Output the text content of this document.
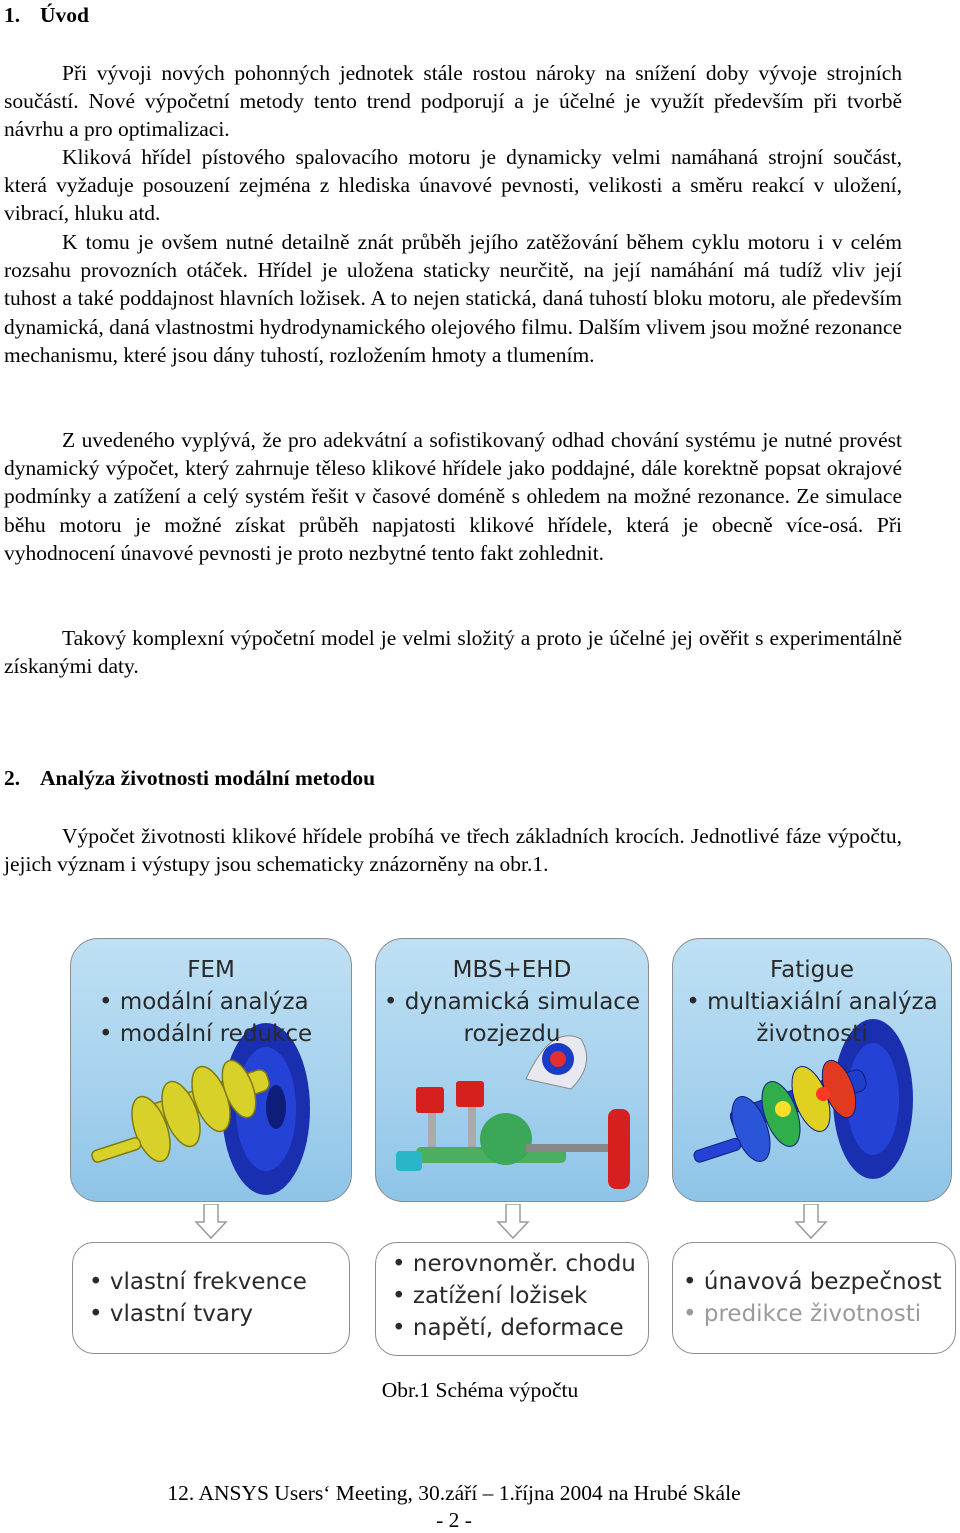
1. Úvod

Při vývoji nových pohonných jednotek stále rostou nároky na snížení doby vývoje strojních součástí. Nové výpočetní metody tento trend podporují a je účelné je využít především při tvorbě návrhu a pro optimalizaci.

Kliková hřídel pístového spalovacího motoru je dynamicky velmi namáhaná strojní součást, která vyžaduje posouzení zejména z hlediska únavové pevnosti, velikosti a směru reakcí v uložení, vibrací, hluku atd.

K tomu je ovšem nutné detailně znát průběh jejího zatěžování během cyklu motoru i v celém rozsahu provozních otáček. Hřídel je uložena staticky neurčitě, na její namáhání má tudíž vliv její tuhost a také poddajnost hlavních ložisek. A to nejen statická, daná tuhostí bloku motoru, ale především dynamická, daná vlastnostmi hydrodynamického olejového filmu. Dalším vlivem jsou možné rezonance mechanismu, které jsou dány tuhostí, rozložením hmoty a tlumením.

Z uvedeného vyplývá, že pro adekvátní a sofistikovaný odhad chování systému je nutné provést dynamický výpočet, který zahrnuje těleso klikové hřídele jako poddajné, dále korektně popsat okrajové podmínky a zatížení a celý systém řešit v časové doméně s ohledem na možné rezonance. Ze simulace běhu motoru je možné získat průběh napjatosti klikové hřídele, která je obecně více-osá. Při vyhodnocení únavové pevnosti je proto nezbytné tento fakt zohlednit.

Takový komplexní výpočetní model je velmi složitý a proto je účelné jej ověřit s experimentálně získanými daty.

2. Analýza životnosti modální metodou

Výpočet životnosti klikové hřídele probíhá ve třech základních krocích. Jednotlivé fáze výpočtu, jejich význam i výstupy jsou schematicky znázorněny na obr.1.

FEM
• modální analýza
• modální redukce
MBS+EHD
• dynamická simulace
rozjezdu
Fatigue
• multiaxiální analýza
životnosti
• vlastní frekvence
• vlastní tvary
• nerovnoměr. chodu
• zatížení ložisek
• napětí, deformace
• únavová bezpečnost
• predikce životnosti
Obr.1 Schéma výpočtu
12. ANSYS Users‘ Meeting, 30.září – 1.října 2004 na Hrubé Skále
- 2 -
